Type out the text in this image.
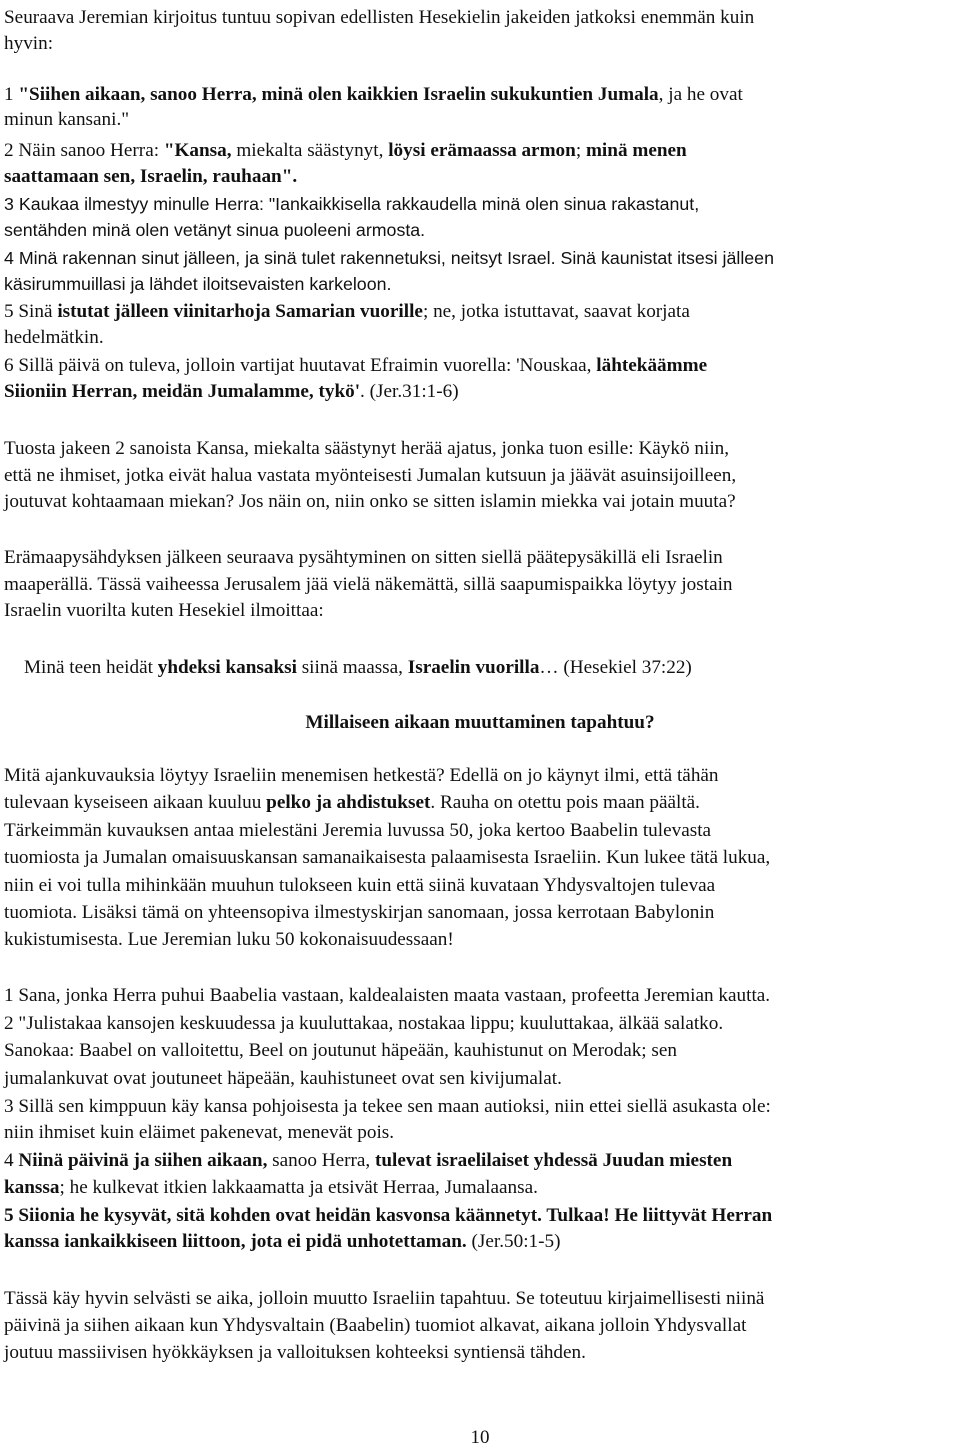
Seuraava Jeremian kirjoitus tuntuu sopivan edellisten Hesekielin jakeiden jatkoksi enemmän kuin
hyvin:
1 "Siihen aikaan, sanoo Herra, minä olen kaikkien Israelin sukukuntien Jumala, ja he ovat
minun kansani."
2 Näin sanoo Herra: "Kansa, miekalta säästynyt, löysi erämaassa armon; minä menen
saattamaan sen, Israelin, rauhaan".
3 Kaukaa ilmestyy minulle Herra: "Iankaikkisella rakkaudella minä olen sinua rakastanut,
sentähden minä olen vetänyt sinua puoleeni armosta.
4 Minä rakennan sinut jälleen, ja sinä tulet rakennetuksi, neitsyt Israel. Sinä kaunistat itsesi jälleen
käsirummuillasi ja lähdet iloitsevaisten karkeloon.
5 Sinä istutat jälleen viinitarhoja Samarian vuorille; ne, jotka istuttavat, saavat korjata
hedelmätkin.
6 Sillä päivä on tuleva, jolloin vartijat huutavat Efraimin vuorella: 'Nouskaa, lähtekäämme
Siioniin Herran, meidän Jumalamme, tykö'. (Jer.31:1-6)
Tuosta jakeen 2 sanoista Kansa, miekalta säästynyt herää ajatus, jonka tuon esille: Käykö niin,
että ne ihmiset, jotka eivät halua vastata myönteisesti Jumalan kutsuun ja jäävät asuinsijoilleen,
joutuvat kohtaamaan miekan? Jos näin on, niin onko se sitten islamin miekka vai jotain muuta?
Erämaapysähdyksen jälkeen seuraava pysähtyminen on sitten siellä päätepysäkillä eli Israelin
maaperällä. Tässä vaiheessa Jerusalem jää vielä näkemättä, sillä saapumispaikka löytyy jostain
Israelin vuorilta kuten Hesekiel ilmoittaa:
Minä teen heidät yhdeksi kansaksi siinä maassa, Israelin vuorilla… (Hesekiel 37:22)
Millaiseen aikaan muuttaminen tapahtuu?
Mitä ajankuvauksia löytyy Israeliin menemisen hetkestä? Edellä on jo käynyt ilmi, että tähän
tulevaan kyseiseen aikaan kuuluu pelko ja ahdistukset. Rauha on otettu pois maan päältä.
Tärkeimmän kuvauksen antaa mielestäni Jeremia luvussa 50, joka kertoo Baabelin tulevasta
tuomiosta ja Jumalan omaisuuskansan samanaikaisesta palaamisesta Israeliin. Kun lukee tätä lukua,
niin ei voi tulla mihinkään muuhun tulokseen kuin että siinä kuvataan Yhdysvaltojen tulevaa
tuomiota. Lisäksi tämä on yhteensopiva ilmestyskirjan sanomaan, jossa kerrotaan Babylonin
kukistumisesta. Lue Jeremian luku 50 kokonaisuudessaan!
1 Sana, jonka Herra puhui Baabelia vastaan, kaldealaisten maata vastaan, profeetta Jeremian kautta.
2 "Julistakaa kansojen keskuudessa ja kuuluttakaa, nostakaa lippu; kuuluttakaa, älkää salatko.
Sanokaa: Baabel on valloitettu, Beel on joutunut häpeään, kauhistunut on Merodak; sen
jumalankuvat ovat joutuneet häpeään, kauhistuneet ovat sen kivijumalat.
3 Sillä sen kimppuun käy kansa pohjoisesta ja tekee sen maan autioksi, niin ettei siellä asukasta ole:
niin ihmiset kuin eläimet pakenevat, menevät pois.
4 Niinä päivinä ja siihen aikaan, sanoo Herra, tulevat israelilaiset yhdessä Juudan miesten
kanssa; he kulkevat itkien lakkaamatta ja etsivät Herraa, Jumalaansa.
5 Siionia he kysyvät, sitä kohden ovat heidän kasvonsa käännetyt. Tulkaa! He liittyvät Herran
kanssa iankaikkiseen liittoon, jota ei pidä unhotettaman. (Jer.50:1-5)
Tässä käy hyvin selvästi se aika, jolloin muutto Israeliin tapahtuu. Se toteutuu kirjaimellisesti niinä
päivinä ja siihen aikaan kun Yhdysvaltain (Baabelin) tuomiot alkavat, aikana jolloin Yhdysvallat
joutuu massiivisen hyökkäyksen ja valloituksen kohteeksi syntiensä tähden.
10
